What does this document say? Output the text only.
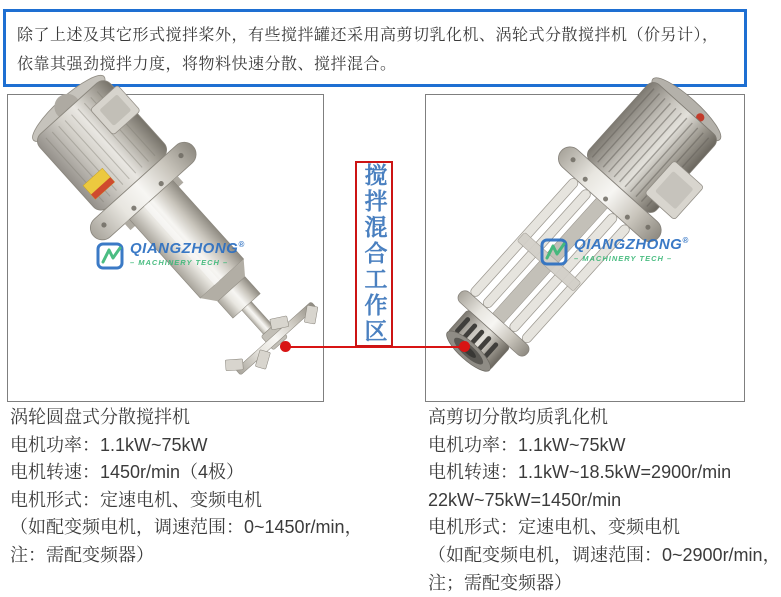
除了上述及其它形式搅拌桨外，有些搅拌罐还采用高剪切乳化机、涡轮式分散搅拌机（价另计），依靠其强劲搅拌力度，将物料快速分散、搅拌混合。

QIANGZHONG®
– MACHINERY TECH –
QIANGZHONG®
– MACHINERY TECH –
搅拌混合工作区
涡轮圆盘式分散搅拌机
电机功率：1.1kW~75kW
电机转速：1450r/min（4极）
电机形式：定速电机、变频电机
（如配变频电机，调速范围：0~1450r/min，
注：需配变频器）
高剪切分散均质乳化机
电机功率：1.1kW~75kW
电机转速：1.1kW~18.5kW=2900r/min
22kW~75kW=1450r/min
电机形式：定速电机、变频电机
（如配变频电机，调速范围：0~2900r/min，
注；需配变频器）
